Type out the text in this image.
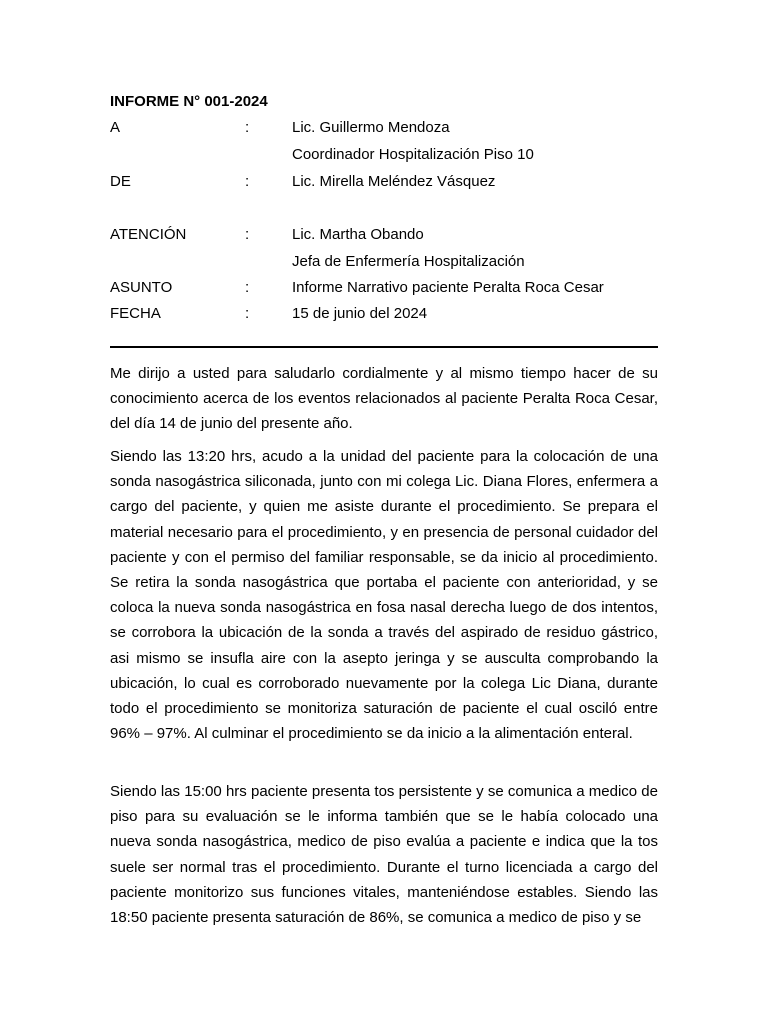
INFORME N° 001-2024
A	:	Lic. Guillermo Mendoza
Coordinador Hospitalización Piso 10
DE	:	Lic. Mirella Meléndez Vásquez
ATENCIÓN	:	Lic. Martha Obando
Jefa de Enfermería Hospitalización
ASUNTO	:	Informe Narrativo paciente Peralta Roca Cesar
FECHA	:	15 de junio del 2024

Me dirijo a usted para saludarlo cordialmente y al mismo tiempo hacer de su conocimiento acerca de los eventos relacionados al paciente Peralta Roca Cesar, del día 14 de junio del presente año.

Siendo las 13:20 hrs, acudo a la unidad del paciente para la colocación de una sonda nasogástrica siliconada, junto con mi colega Lic. Diana Flores, enfermera a cargo del paciente, y quien me asiste durante el procedimiento. Se prepara el material necesario para el procedimiento, y en presencia de personal cuidador del paciente y con el permiso del familiar responsable, se da inicio al procedimiento. Se retira la sonda nasogástrica que portaba el paciente con anterioridad, y se coloca la nueva sonda nasogástrica en fosa nasal derecha luego de dos intentos, se corrobora la ubicación de la sonda a través del aspirado de residuo gástrico, asi mismo se insufla aire con la asepto jeringa y se ausculta comprobando la ubicación, lo cual es corroborado nuevamente por la colega Lic Diana, durante todo el procedimiento se monitoriza saturación de paciente el cual osciló entre 96% – 97%. Al culminar el procedimiento se da inicio a la alimentación enteral.

Siendo las 15:00 hrs paciente presenta tos persistente y se comunica a medico de piso para su evaluación se le informa también que se le había colocado una nueva sonda nasogástrica, medico de piso evalúa a paciente e indica que la tos suele ser normal tras el procedimiento. Durante el turno licenciada a cargo del paciente monitorizo sus funciones vitales, manteniéndose estables. Siendo las 18:50 paciente presenta saturación de 86%, se comunica a medico de piso y se
